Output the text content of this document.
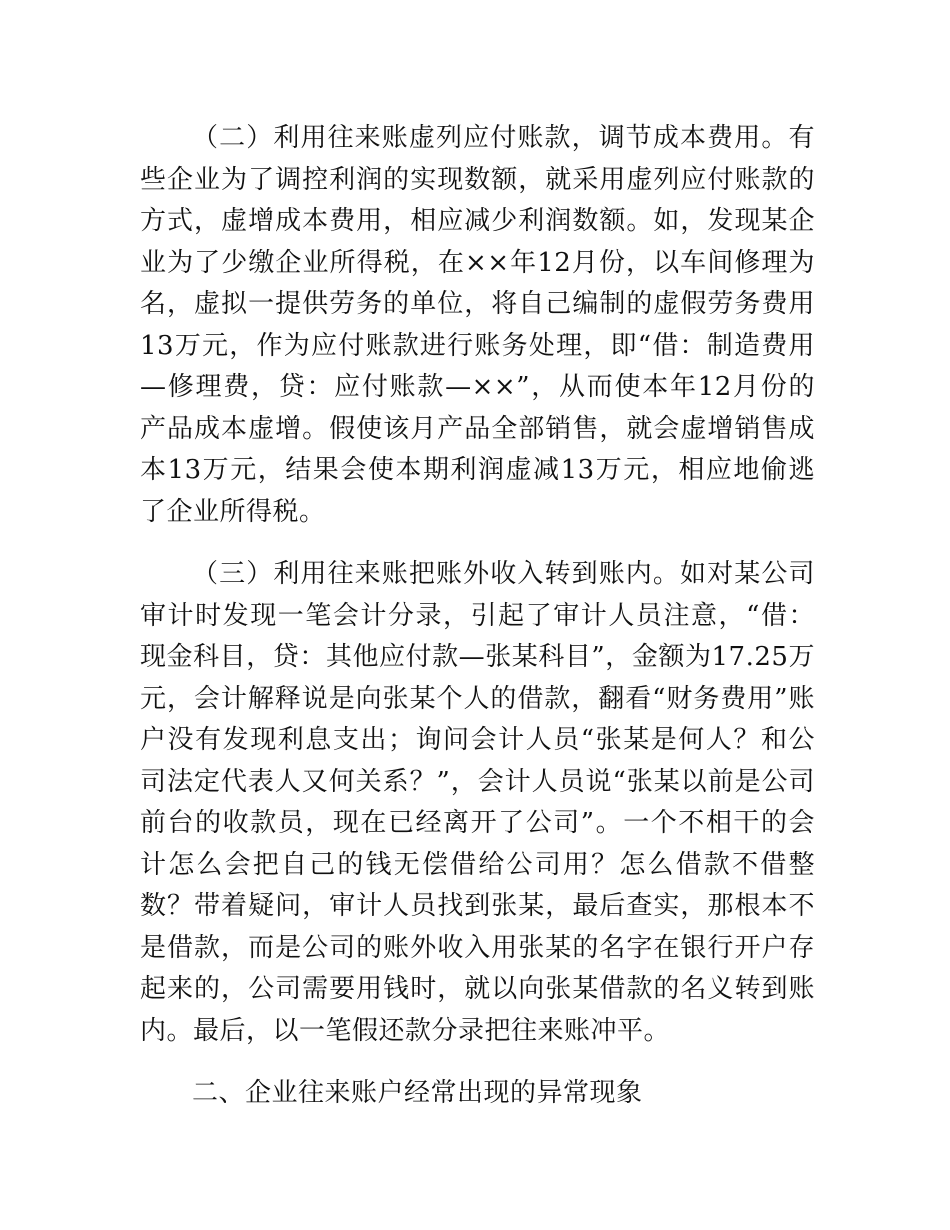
（二）利用往来账虚列应付账款，调节成本费用。有些企业为了调控利润的实现数额，就采用虚列应付账款的方式，虚增成本费用，相应减少利润数额。如，发现某企业为了少缴企业所得税，在××年12月份，以车间修理为名，虚拟一提供劳务的单位，将自己编制的虚假劳务费用13万元，作为应付账款进行账务处理，即“借：制造费用—修理费，贷：应付账款—××”，从而使本年12月份的产品成本虚增。假使该月产品全部销售，就会虚增销售成本13万元，结果会使本期利润虚减13万元，相应地偷逃了企业所得税。

（三）利用往来账把账外收入转到账内。如对某公司审计时发现一笔会计分录，引起了审计人员注意，“借：现金科目，贷：其他应付款—张某科目”，金额为17.25万元，会计解释说是向张某个人的借款，翻看“财务费用”账户没有发现利息支出；询问会计人员“张某是何人？和公司法定代表人又何关系？”，会计人员说“张某以前是公司前台的收款员，现在已经离开了公司”。一个不相干的会计怎么会把自己的钱无偿借给公司用？怎么借款不借整数？带着疑问，审计人员找到张某，最后查实，那根本不是借款，而是公司的账外收入用张某的名字在银行开户存起来的，公司需要用钱时，就以向张某借款的名义转到账内。最后，以一笔假还款分录把往来账冲平。

二、企业往来账户经常出现的异常现象
